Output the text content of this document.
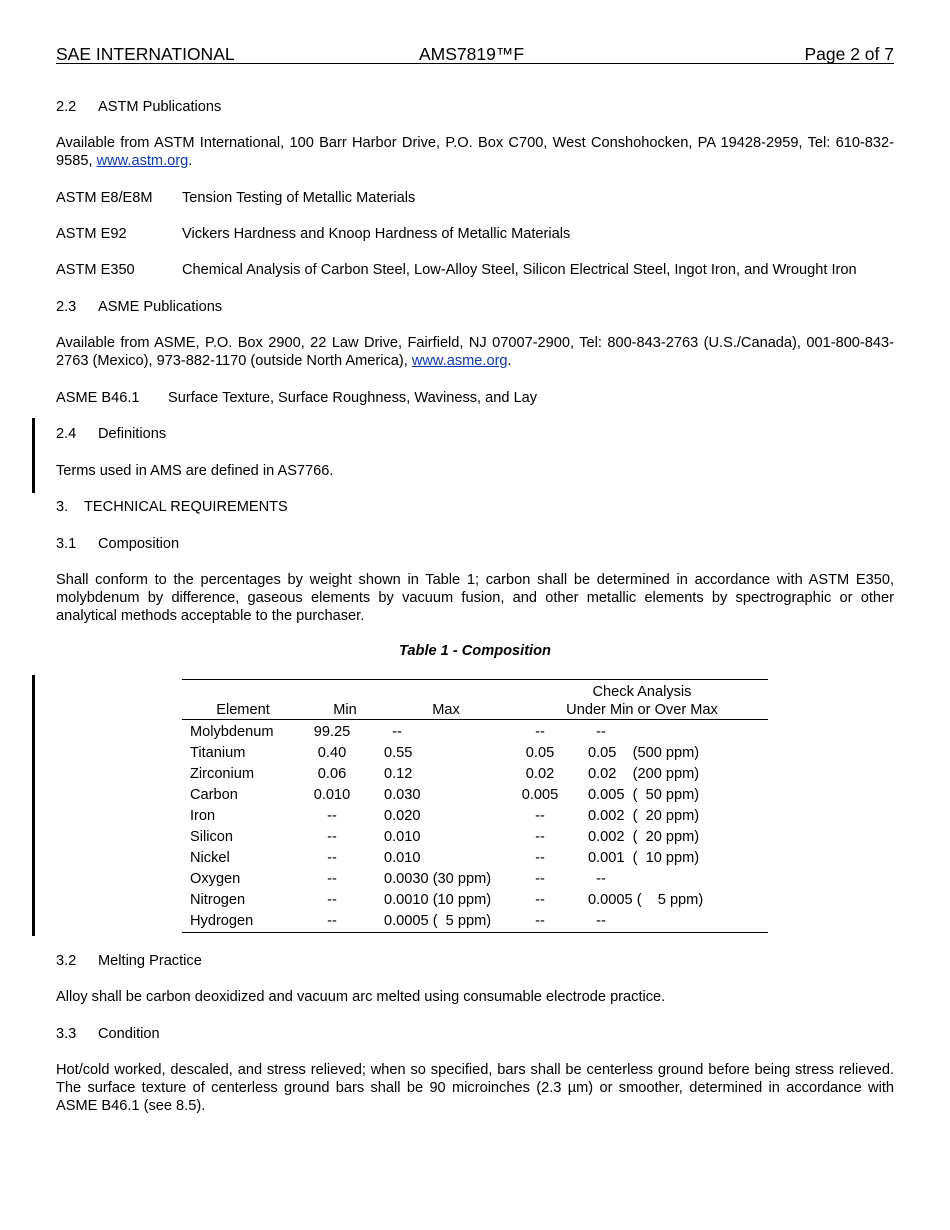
SAE INTERNATIONAL	AMS7819™F	Page 2 of 7
2.2 ASTM Publications
Available from ASTM International, 100 Barr Harbor Drive, P.O. Box C700, West Conshohocken, PA 19428-2959, Tel: 610-832-9585, www.astm.org.
ASTM E8/E8M Tension Testing of Metallic Materials
ASTM E92	Vickers Hardness and Knoop Hardness of Metallic Materials
ASTM E350	Chemical Analysis of Carbon Steel, Low-Alloy Steel, Silicon Electrical Steel, Ingot Iron, and Wrought Iron
2.3 ASME Publications
Available from ASME, P.O. Box 2900, 22 Law Drive, Fairfield, NJ 07007-2900, Tel: 800-843-2763 (U.S./Canada), 001-800-843-2763 (Mexico), 973-882-1170 (outside North America), www.asme.org.
ASME B46.1 Surface Texture, Surface Roughness, Waviness, and Lay
2.4 Definitions
Terms used in AMS are defined in AS7766.
3. TECHNICAL REQUIREMENTS
3.1 Composition
Shall conform to the percentages by weight shown in Table 1; carbon shall be determined in accordance with ASTM E350, molybdenum by difference, gaseous elements by vacuum fusion, and other metallic elements by spectrographic or other analytical methods acceptable to the purchaser.
Table 1 - Composition
Check Analysis
Element	Min	Max	Under Min or Over Max
Molybdenum	99.25	--	--	--
Titanium	0.40	0.55	0.05	0.05    (500 ppm)
Zirconium	0.06	0.12	0.02	0.02    (200 ppm)
Carbon	0.010	0.030	0.005	0.005  (  50 ppm)
Iron	--	0.020	--	0.002  (  20 ppm)
Silicon	--	0.010	--	0.002  (  20 ppm)
Nickel	--	0.010	--	0.001  (  10 ppm)
Oxygen	--	0.0030 (30 ppm)	--	--
Nitrogen	--	0.0010 (10 ppm)	--	0.0005 (    5 ppm)
Hydrogen	--	0.0005 (  5 ppm)	--	--
3.2 Melting Practice
Alloy shall be carbon deoxidized and vacuum arc melted using consumable electrode practice.
3.3 Condition
Hot/cold worked, descaled, and stress relieved; when so specified, bars shall be centerless ground before being stress relieved. The surface texture of centerless ground bars shall be 90 microinches (2.3 µm) or smoother, determined in accordance with ASME B46.1 (see 8.5).
